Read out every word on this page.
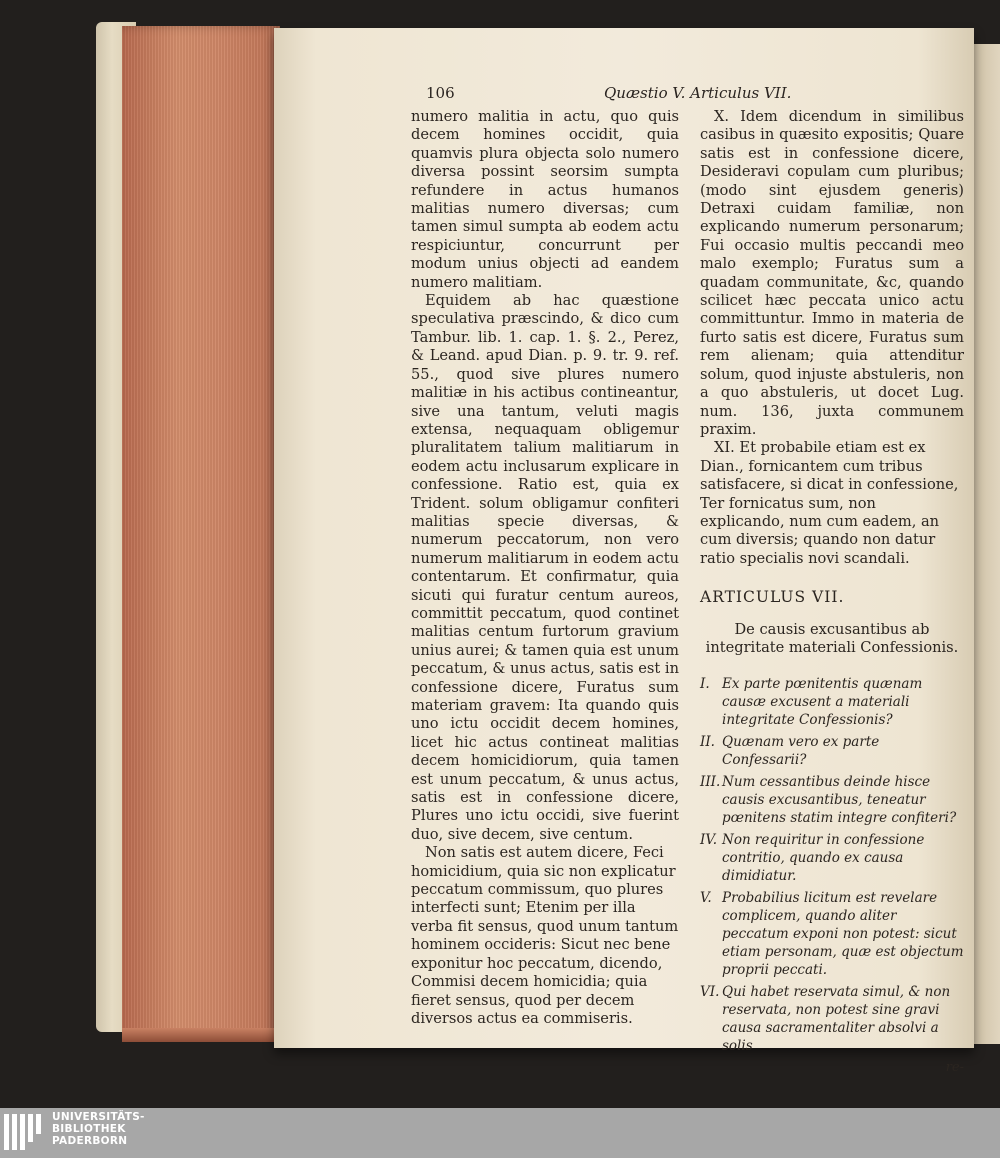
106	Quæstio V. Articulus VII.

numero malitia in actu, quo quis decem homines occidit, quia quamvis plura objecta solo numero diversa possint seorsim sumpta refundere in actus humanos malitias numero diversas; cum tamen simul sumpta ab eodem actu respiciuntur, concurrunt per modum unius objecti ad eandem numero malitiam.

Equidem ab hac quæstione speculativa præscindo, & dico cum Tambur. lib. 1. cap. 1. §. 2., Perez, & Leand. apud Dian. p. 9. tr. 9. ref. 55., quod sive plures numero malitiæ in his actibus contineantur, sive una tantum, veluti magis extensa, nequaquam obligemur pluralitatem talium malitiarum in eodem actu inclusarum explicare in confessione. Ratio est, quia ex Trident. solum obligamur confiteri malitias specie diversas, & numerum peccatorum, non vero numerum malitiarum in eodem actu contentarum. Et confirmatur, quia sicuti qui furatur centum aureos, committit peccatum, quod continet malitias centum furtorum gravium unius aurei; & tamen quia est unum peccatum, & unus actus, satis est in confessione dicere, Furatus sum materiam gravem: Ita quando quis uno ictu occidit decem homines, licet hic actus contineat malitias decem homicidiorum, quia tamen est unum peccatum, & unus actus, satis est in confessione dicere, Plures uno ictu occidi, sive fuerint duo, sive decem, sive centum.

Non satis est autem dicere, Feci homicidium, quia sic non explicatur peccatum commissum, quo plures interfecti sunt; Etenim per illa verba fit sensus, quod unum tantum hominem occideris: Sicut nec bene exponitur hoc peccatum, dicendo, Commisi decem homicidia; quia fieret sensus, quod per decem diversos actus ea commiseris.

X. Idem dicendum in similibus casibus in quæsito expositis; Quare satis est in confessione dicere, Desideravi copulam cum pluribus; (modo sint ejusdem generis) Detraxi cuidam familiæ, non explicando numerum personarum; Fui occasio multis peccandi meo malo exemplo; Furatus sum a quadam communitate, &c, quando scilicet hæc peccata unico actu committuntur. Immo in materia de furto satis est dicere, Furatus sum rem alienam; quia attenditur solum, quod injuste abstuleris, non a quo abstuleris, ut docet Lug. num. 136, juxta communem praxim.

XI. Et probabile etiam est ex Dian., fornicantem cum tribus satisfacere, si dicat in confessione, Ter fornicatus sum, non explicando, num cum eadem, an cum diversis; quando non datur ratio specialis novi scandali.

ARTICULUS VII.

De causis excusantibus ab integritate materiali Confessionis.

I. Ex parte pœnitentis quænam causæ excusent a materiali integritate Confessionis?
II. Quænam vero ex parte Confessarii?
III. Num cessantibus deinde hisce causis excusantibus, teneatur pœnitens statim integre confiteri?
IV. Non requiritur in confessione contritio, quando ex causa dimidiatur.
V. Probabilius licitum est revelare complicem, quando aliter peccatum exponi non potest: sicut etiam personam, quæ est objectum proprii peccati.
VI. Qui habet reservata simul, & non reservata, non potest sine gravi causa sacramentaliter absolvi a solis

re-

UNIVERSITÄTS-
BIBLIOTHEK
PADERBORN
